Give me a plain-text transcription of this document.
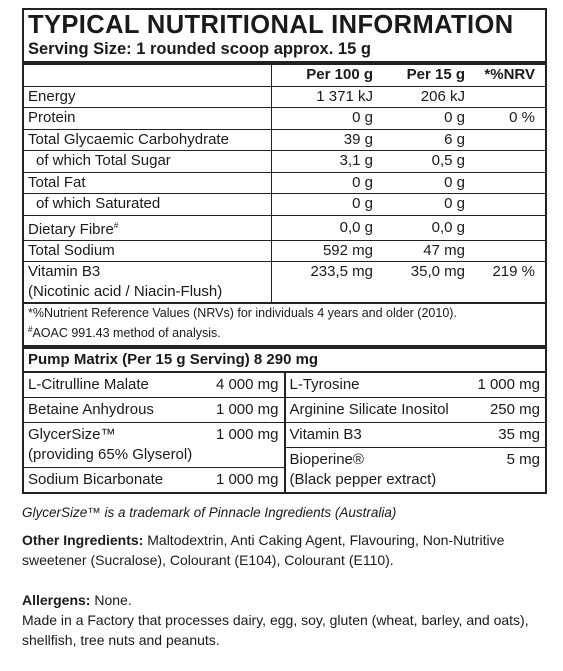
TYPICAL NUTRITIONAL INFORMATION
Serving Size: 1 rounded scoop approx. 15 g
	Per 100 g	Per 15 g	*%NRV
Energy	1 371 kJ	206 kJ	
Protein	0 g	0 g	0 %
Total Glycaemic Carbohydrate	39 g	6 g	
of which Total Sugar	3,1 g	0,5 g	
Total Fat	0 g	0 g	
of which Saturated	0 g	0 g	
Dietary Fibre#	0,0 g	0,0 g	
Total Sodium	592 mg	47 mg	

Vitamin B3
(Nicotinic acid / Niacin-Flush)	233,5 mg	35,0 mg	219 %
*%Nutrient Reference Values (NRVs) for individuals 4 years and older (2010).
#AOAC 991.43 method of analysis.
Pump Matrix (Per 15 g Serving) 8 290 mg
L-Citrulline Malate	4 000 mg
Betaine Anhydrous	1 000 mg
GlycerSize™
(providing 65% Glyserol)
1 000 mg
Sodium Bicarbonate	1 000 mg
L-Tyrosine	1 000 mg
Arginine Silicate Inositol	250 mg
Vitamin B3	35 mg
Bioperine®
(Black pepper extract)
5 mg
GlycerSize™ is a trademark of Pinnacle Ingredients (Australia)
Other Ingredients: Maltodextrin, Anti Caking Agent, Flavouring, Non-Nutritive sweetener (Sucralose), Colourant (E104), Colourant (E110).
Allergens: None.
Made in a Factory that processes dairy, egg, soy, gluten (wheat, barley, and oats), shellfish, tree nuts and peanuts.
